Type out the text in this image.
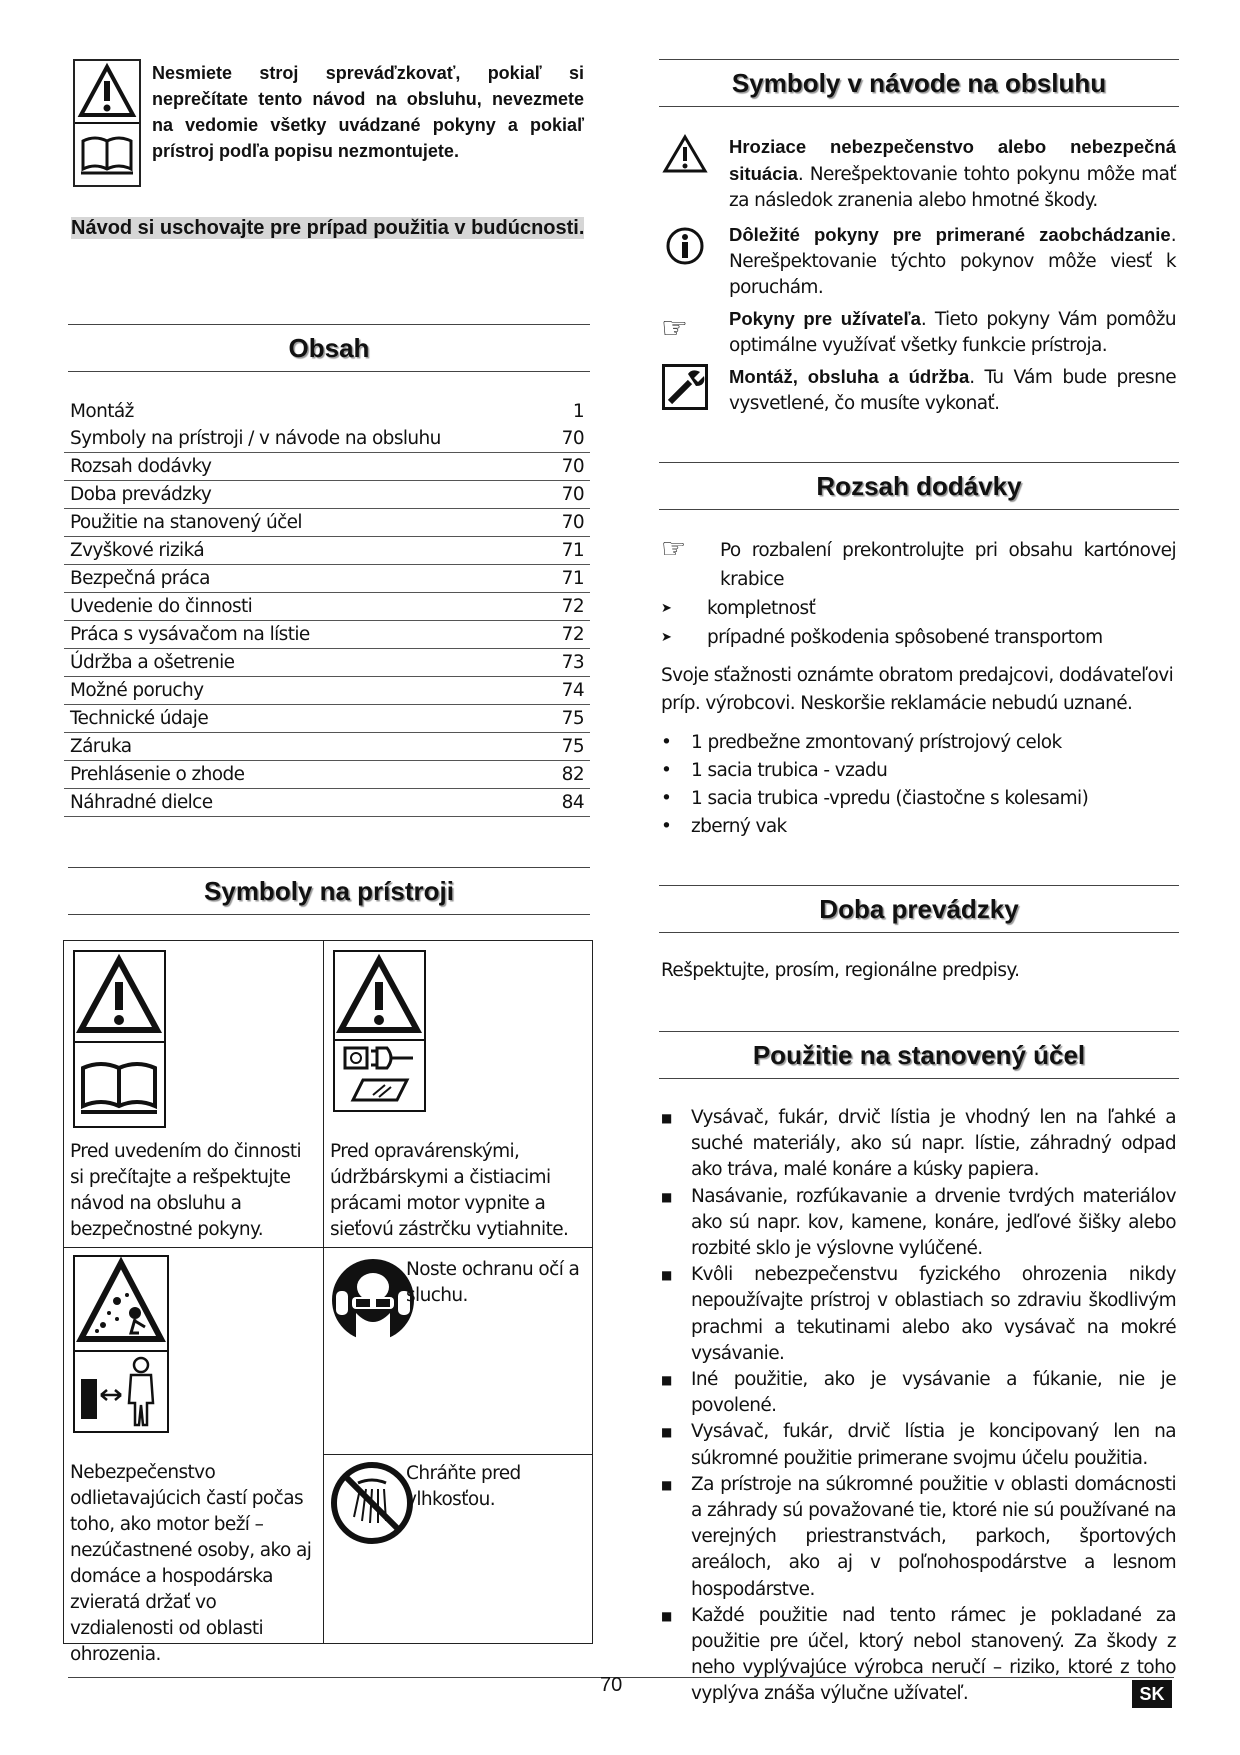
Nesmiete stroj spreváďzkovať, pokiaľ si neprečítate tento návod na obsluhu, nevezmete na vedomie všetky uvádzané pokyny a pokiaľ prístroj podľa popisu nezmontujete.
Návod si uschovajte pre prípad použitia v budúcnosti.
Obsah
Montáž	1
Symboly na prístroji / v návode na obsluhu	70
Rozsah dodávky	70
Doba prevádzky	70
Použitie na stanovený účel	70
Zvyškové riziká	71
Bezpečná práca	71
Uvedenie do činnosti	72
Práca s vysávačom na lístie	72
Údržba a ošetrenie	73
Možné poruchy	74
Technické údaje	75
Záruka	75
Prehlásenie o zhode	82
Náhradné dielce	84
Symboly na prístroji
Pred uvedením do činnosti si prečítajte a rešpektujte návod na obsluhu a bezpečnostné pokyny.
Pred opravárenskými, údržbárskymi a čistiacimi prácami motor vypnite a sieťovú zástrčku vytiahnite.
Nebezpečenstvo odlietavajúcich častí počas toho, ako motor beží – nezúčastnené osoby, ako aj domáce a hospodárska zvieratá držať vo vzdialenosti od oblasti ohrozenia.
Noste ochranu očí a sluchu.
Chráňte pred vlhkosťou.
Symboly v návode na obsluhu
Hroziace nebezpečenstvo alebo nebezpečná situácia. Nerešpektovanie tohto pokynu môže mať za následok zranenia alebo hmotné škody.
Dôležité pokyny pre primerané zaobchádzanie. Nerešpektovanie týchto pokynov môže viesť k poruchám.
☞ Pokyny pre užívateľa. Tieto pokyny Vám pomôžu optimálne využívať všetky funkcie prístroja.
Montáž, obsluha a údržba. Tu Vám bude presne vysvetlené, čo musíte vykonať.
Rozsah dodávky
☞ Po rozbalení prekontrolujte pri obsahu kartónovej krabice
➤ kompletnosť
➤ prípadné poškodenia spôsobené transportom
Svoje sťažnosti oznámte obratom predajcovi, dodávateľovi príp. výrobcovi. Neskoršie reklamácie nebudú uznané.
• 1 predbežne zmontovaný prístrojový celok
• 1 sacia trubica - vzadu
• 1 sacia trubica -vpredu (čiastočne s kolesami)
• zberný vak
Doba prevádzky
Rešpektujte, prosím, regionálne predpisy.
Použitie na stanovený účel
■ Vysávač, fukár, drvič lístia je vhodný len na ľahké a suché materiály, ako sú napr. lístie, záhradný odpad ako tráva, malé konáre a kúsky papiera.
■ Nasávanie, rozfúkavanie a drvenie tvrdých materiálov ako sú napr. kov, kamene, konáre, jedľové šišky alebo rozbité sklo je výslovne vylúčené.
■ Kvôli nebezpečenstvu fyzického ohrozenia nikdy nepoužívajte prístroj v oblastiach so zdraviu škodlivým prachmi a tekutinami alebo ako vysávač na mokré vysávanie.
■ Iné použitie, ako je vysávanie a fúkanie, nie je povolené.
■ Vysávač, fukár, drvič lístia je koncipovaný len na súkromné použitie primerane svojmu účelu použitia.
■ Za prístroje na súkromné použitie v oblasti domácnosti a záhrady sú považované tie, ktoré nie sú používané na verejných priestranstvách, parkoch, športových areáloch, ako aj v poľnohospodárstve a lesnom hospodárstve.
■ Každé použitie nad tento rámec je pokladané za použitie pre účel, ktorý nebol stanovený. Za škody z neho vyplývajúce výrobca neručí – riziko, ktoré z toho vyplýva znáša výlučne užívateľ.
70	SK
